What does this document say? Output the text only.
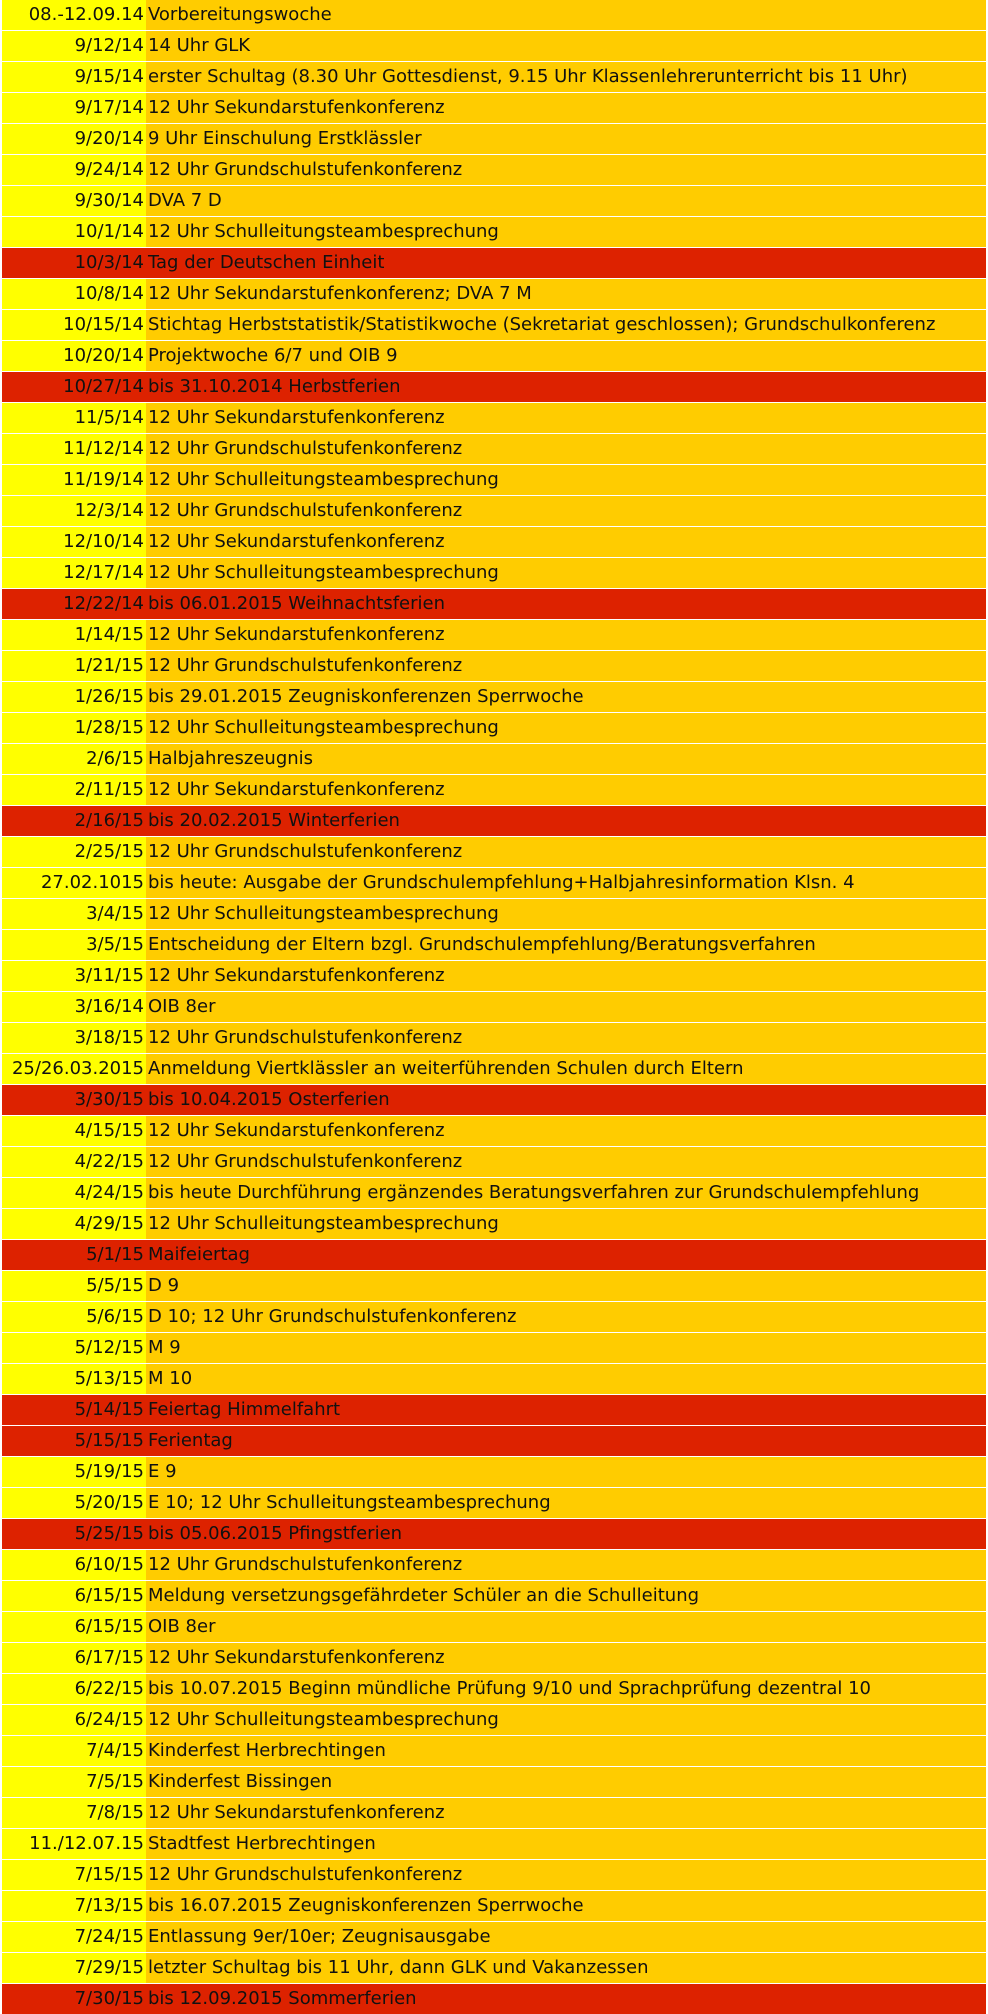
08.-12.09.14 Vorbereitungswoche
9/12/14 14 Uhr GLK
9/15/14 erster Schultag (8.30 Uhr Gottesdienst, 9.15 Uhr Klassenlehrerunterricht bis 11 Uhr)
9/17/14 12 Uhr Sekundarstufenkonferenz
9/20/14 9 Uhr Einschulung Erstklässler
9/24/14 12 Uhr Grundschulstufenkonferenz
9/30/14 DVA 7 D
10/1/14 12 Uhr Schulleitungsteambesprechung
10/3/14 Tag der Deutschen Einheit
10/8/14 12 Uhr Sekundarstufenkonferenz; DVA 7 M
10/15/14 Stichtag Herbststatistik/Statistikwoche (Sekretariat geschlossen); Grundschulkonferenz
10/20/14 Projektwoche 6/7 und OIB 9
10/27/14 bis 31.10.2014 Herbstferien
11/5/14 12 Uhr Sekundarstufenkonferenz
11/12/14 12 Uhr Grundschulstufenkonferenz
11/19/14 12 Uhr Schulleitungsteambesprechung
12/3/14 12 Uhr Grundschulstufenkonferenz
12/10/14 12 Uhr Sekundarstufenkonferenz
12/17/14 12 Uhr Schulleitungsteambesprechung
12/22/14 bis 06.01.2015 Weihnachtsferien
1/14/15 12 Uhr Sekundarstufenkonferenz
1/21/15 12 Uhr Grundschulstufenkonferenz
1/26/15 bis 29.01.2015 Zeugniskonferenzen Sperrwoche
1/28/15 12 Uhr Schulleitungsteambesprechung
2/6/15 Halbjahreszeugnis
2/11/15 12 Uhr Sekundarstufenkonferenz
2/16/15 bis 20.02.2015 Winterferien
2/25/15 12 Uhr Grundschulstufenkonferenz
27.02.1015 bis heute: Ausgabe der Grundschulempfehlung+Halbjahresinformation Klsn. 4
3/4/15 12 Uhr Schulleitungsteambesprechung
3/5/15 Entscheidung der Eltern bzgl. Grundschulempfehlung/Beratungsverfahren
3/11/15 12 Uhr Sekundarstufenkonferenz
3/16/14 OIB 8er
3/18/15 12 Uhr Grundschulstufenkonferenz
25/26.03.2015 Anmeldung Viertklässler an weiterführenden Schulen durch Eltern
3/30/15 bis 10.04.2015 Osterferien
4/15/15 12 Uhr Sekundarstufenkonferenz
4/22/15 12 Uhr Grundschulstufenkonferenz
4/24/15 bis heute Durchführung ergänzendes Beratungsverfahren zur Grundschulempfehlung
4/29/15 12 Uhr Schulleitungsteambesprechung
5/1/15 Maifeiertag
5/5/15 D 9
5/6/15 D 10; 12 Uhr Grundschulstufenkonferenz
5/12/15 M 9
5/13/15 M 10
5/14/15 Feiertag Himmelfahrt
5/15/15 Ferientag
5/19/15 E 9
5/20/15 E 10; 12 Uhr Schulleitungsteambesprechung
5/25/15 bis 05.06.2015 Pfingstferien
6/10/15 12 Uhr Grundschulstufenkonferenz
6/15/15 Meldung versetzungsgefährdeter Schüler an die Schulleitung
6/15/15 OIB 8er
6/17/15 12 Uhr Sekundarstufenkonferenz
6/22/15 bis 10.07.2015 Beginn mündliche Prüfung 9/10 und Sprachprüfung dezentral 10
6/24/15 12 Uhr Schulleitungsteambesprechung
7/4/15 Kinderfest Herbrechtingen
7/5/15 Kinderfest Bissingen
7/8/15 12 Uhr Sekundarstufenkonferenz
11./12.07.15 Stadtfest Herbrechtingen
7/15/15 12 Uhr Grundschulstufenkonferenz
7/13/15 bis 16.07.2015 Zeugniskonferenzen Sperrwoche
7/24/15 Entlassung 9er/10er; Zeugnisausgabe
7/29/15 letzter Schultag bis 11 Uhr, dann GLK und Vakanzessen
7/30/15 bis 12.09.2015 Sommerferien
